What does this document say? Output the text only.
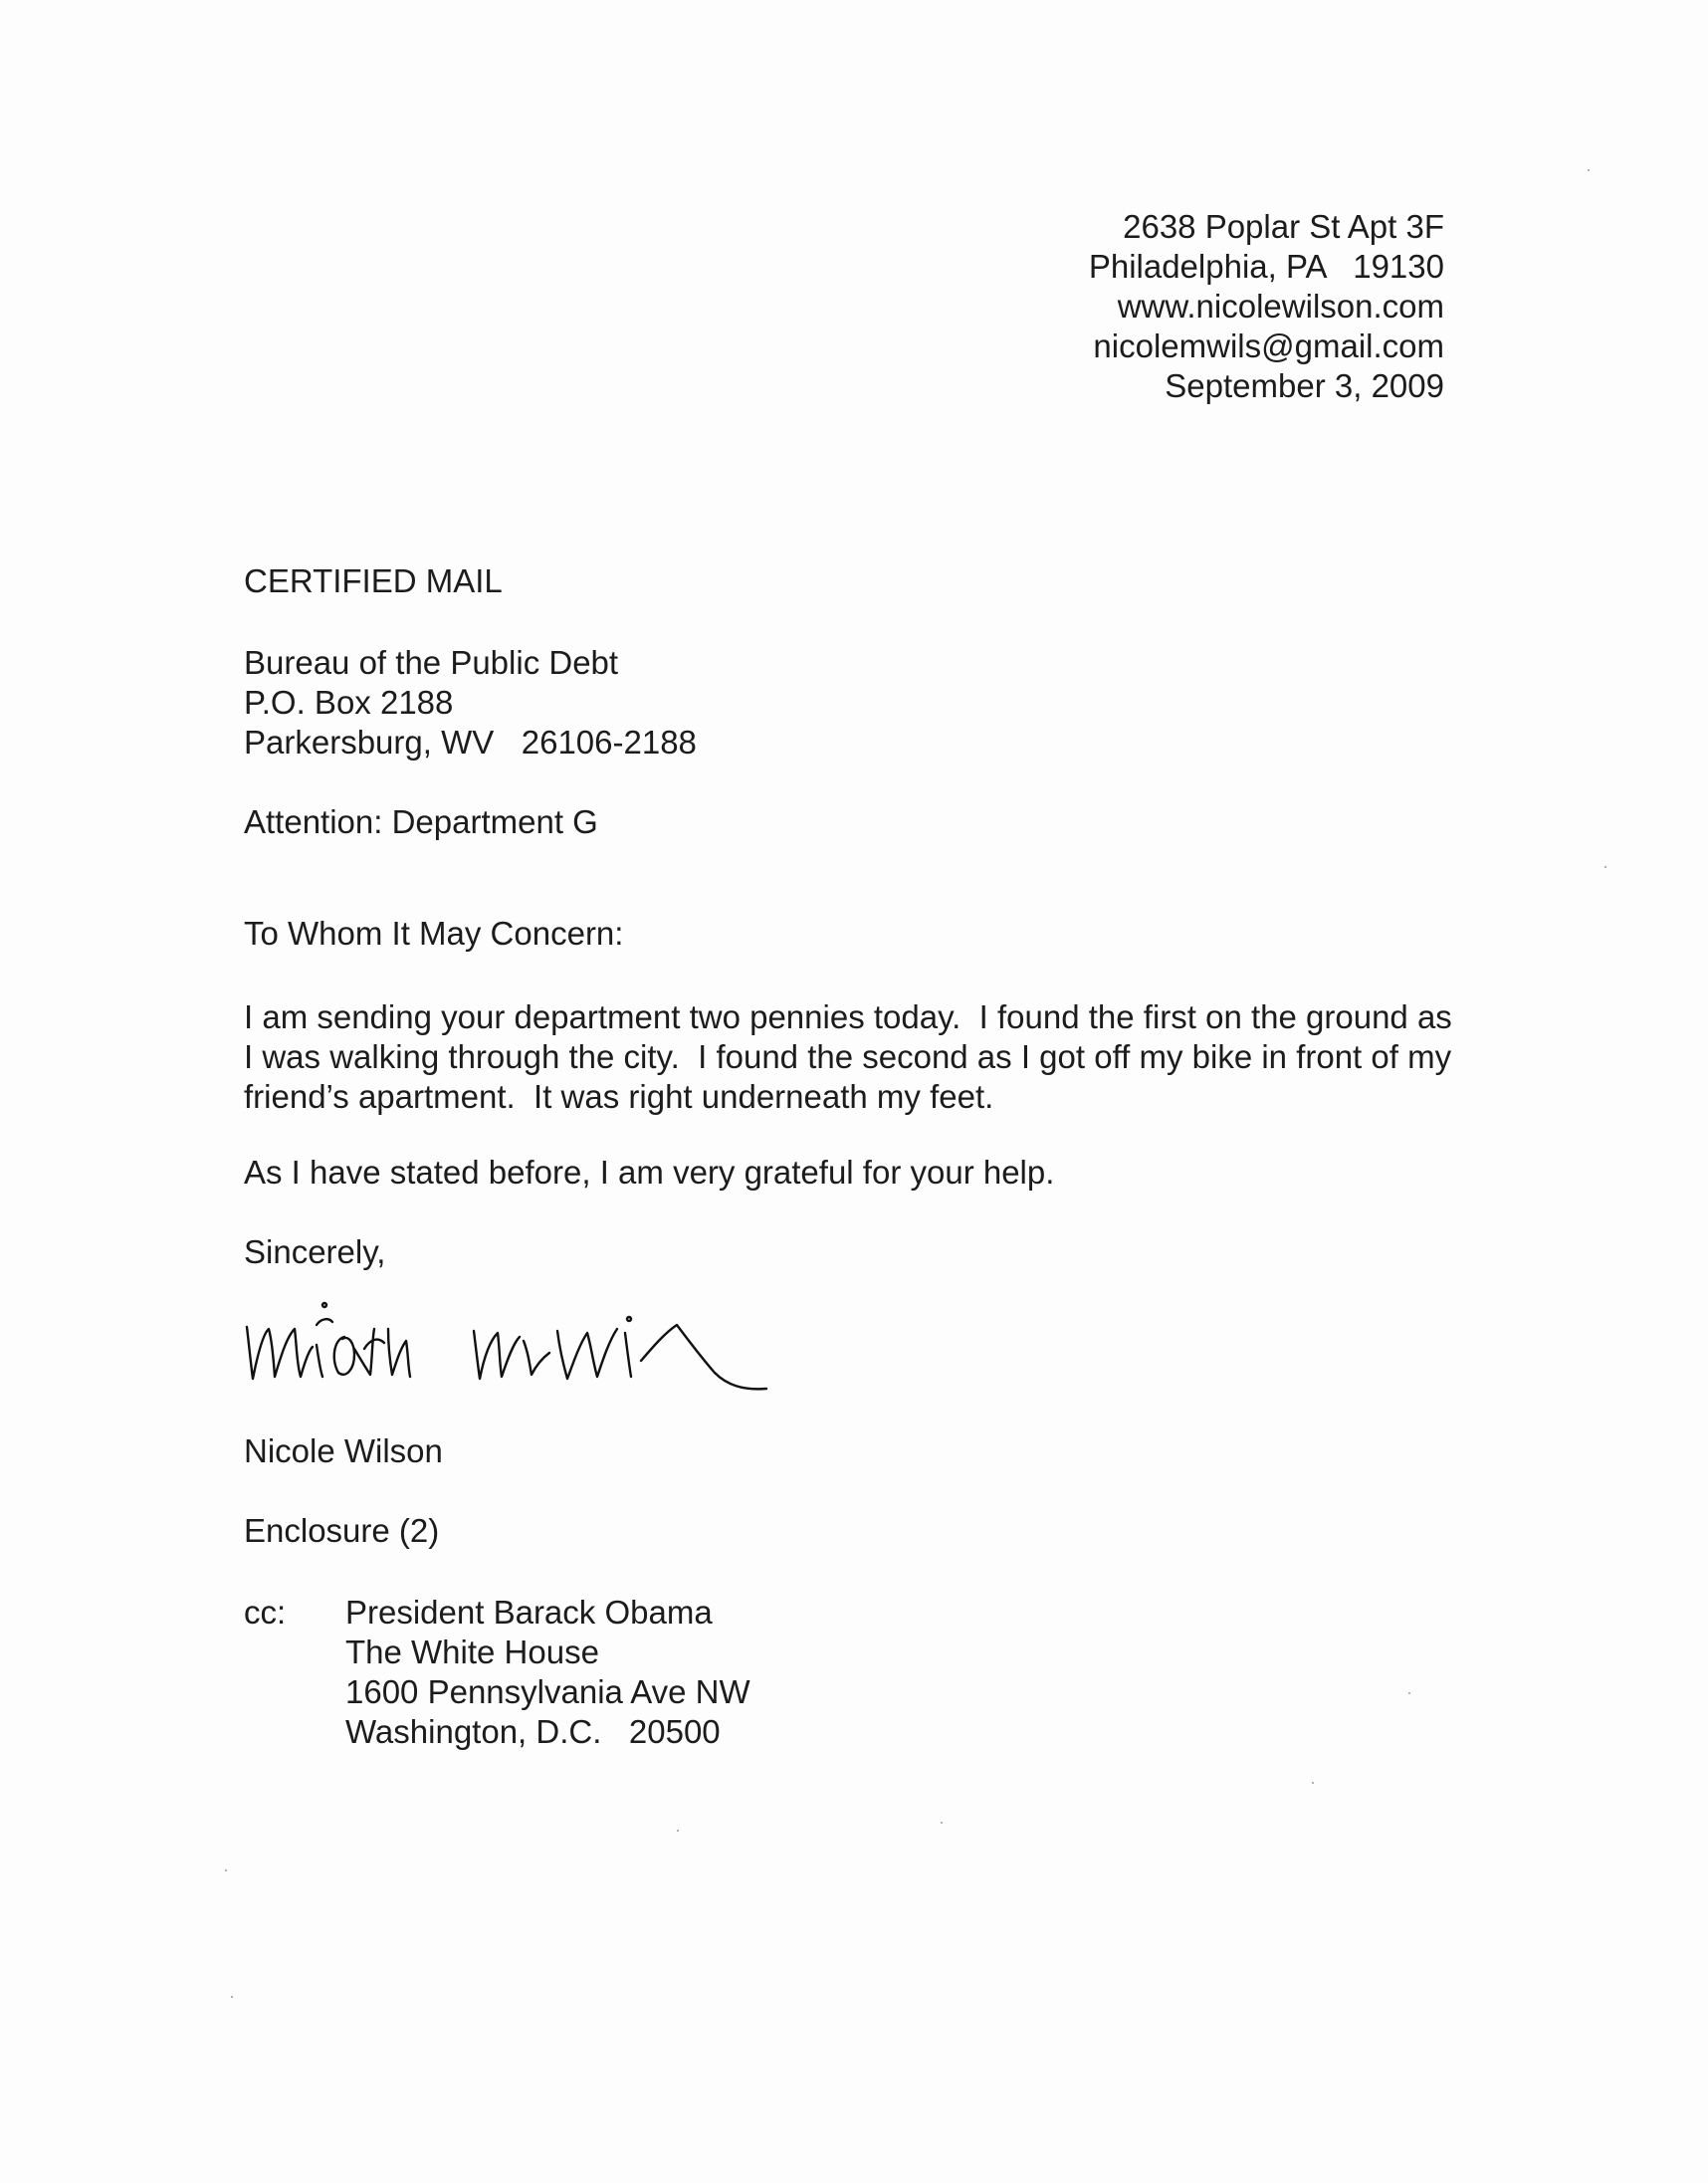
2638 Poplar St Apt 3F
Philadelphia, PA   19130
www.nicolewilson.com
nicolemwils@gmail.com
September 3, 2009
CERTIFIED MAIL
Bureau of the Public Debt
P.O. Box 2188
Parkersburg, WV   26106-2188
Attention: Department G
To Whom It May Concern:
I am sending your department two pennies today.  I found the first on the ground as I was walking through the city.  I found the second as I got off my bike in front of my friend’s apartment.  It was right underneath my feet.
As I have stated before, I am very grateful for your help.
Sincerely,
Nicole Wilson
Enclosure (2)
cc: President Barack Obama
The White House
1600 Pennsylvania Ave NW
Washington, D.C.   20500
